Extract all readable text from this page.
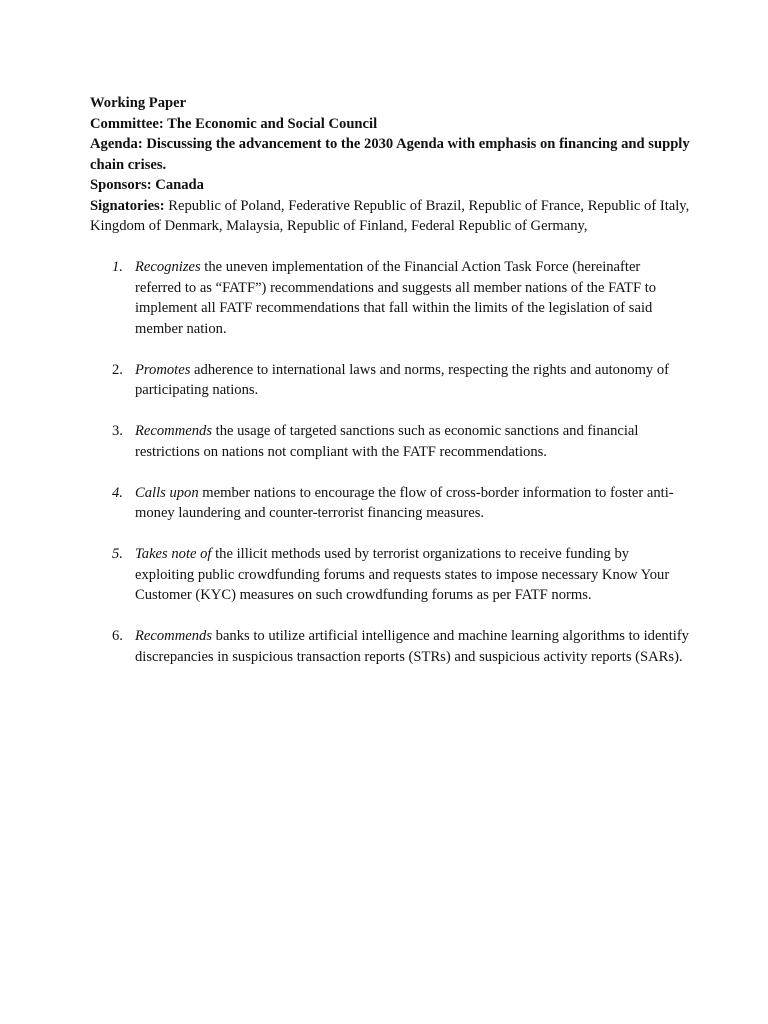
Working Paper

Committee: The Economic and Social Council

Agenda: Discussing the advancement to the 2030 Agenda with emphasis on financing and supply chain crises.

Sponsors: Canada

Signatories: Republic of Poland, Federative Republic of Brazil, Republic of France, Republic of Italy, Kingdom of Denmark, Malaysia, Republic of Finland, Federal Republic of Germany,

1. Recognizes the uneven implementation of the Financial Action Task Force (hereinafter referred to as “FATF”) recommendations and suggests all member nations of the FATF to implement all FATF recommendations that fall within the limits of the legislation of said member nation.
2. Promotes adherence to international laws and norms, respecting the rights and autonomy of participating nations.
3. Recommends the usage of targeted sanctions such as economic sanctions and financial restrictions on nations not compliant with the FATF recommendations.
4. Calls upon member nations to encourage the flow of cross-border information to foster anti-money laundering and counter-terrorist financing measures.
5. Takes note of the illicit methods used by terrorist organizations to receive funding by exploiting public crowdfunding forums and requests states to impose necessary Know Your Customer (KYC) measures on such crowdfunding forums as per FATF norms.
6. Recommends banks to utilize artificial intelligence and machine learning algorithms to identify discrepancies in suspicious transaction reports (STRs) and suspicious activity reports (SARs).
